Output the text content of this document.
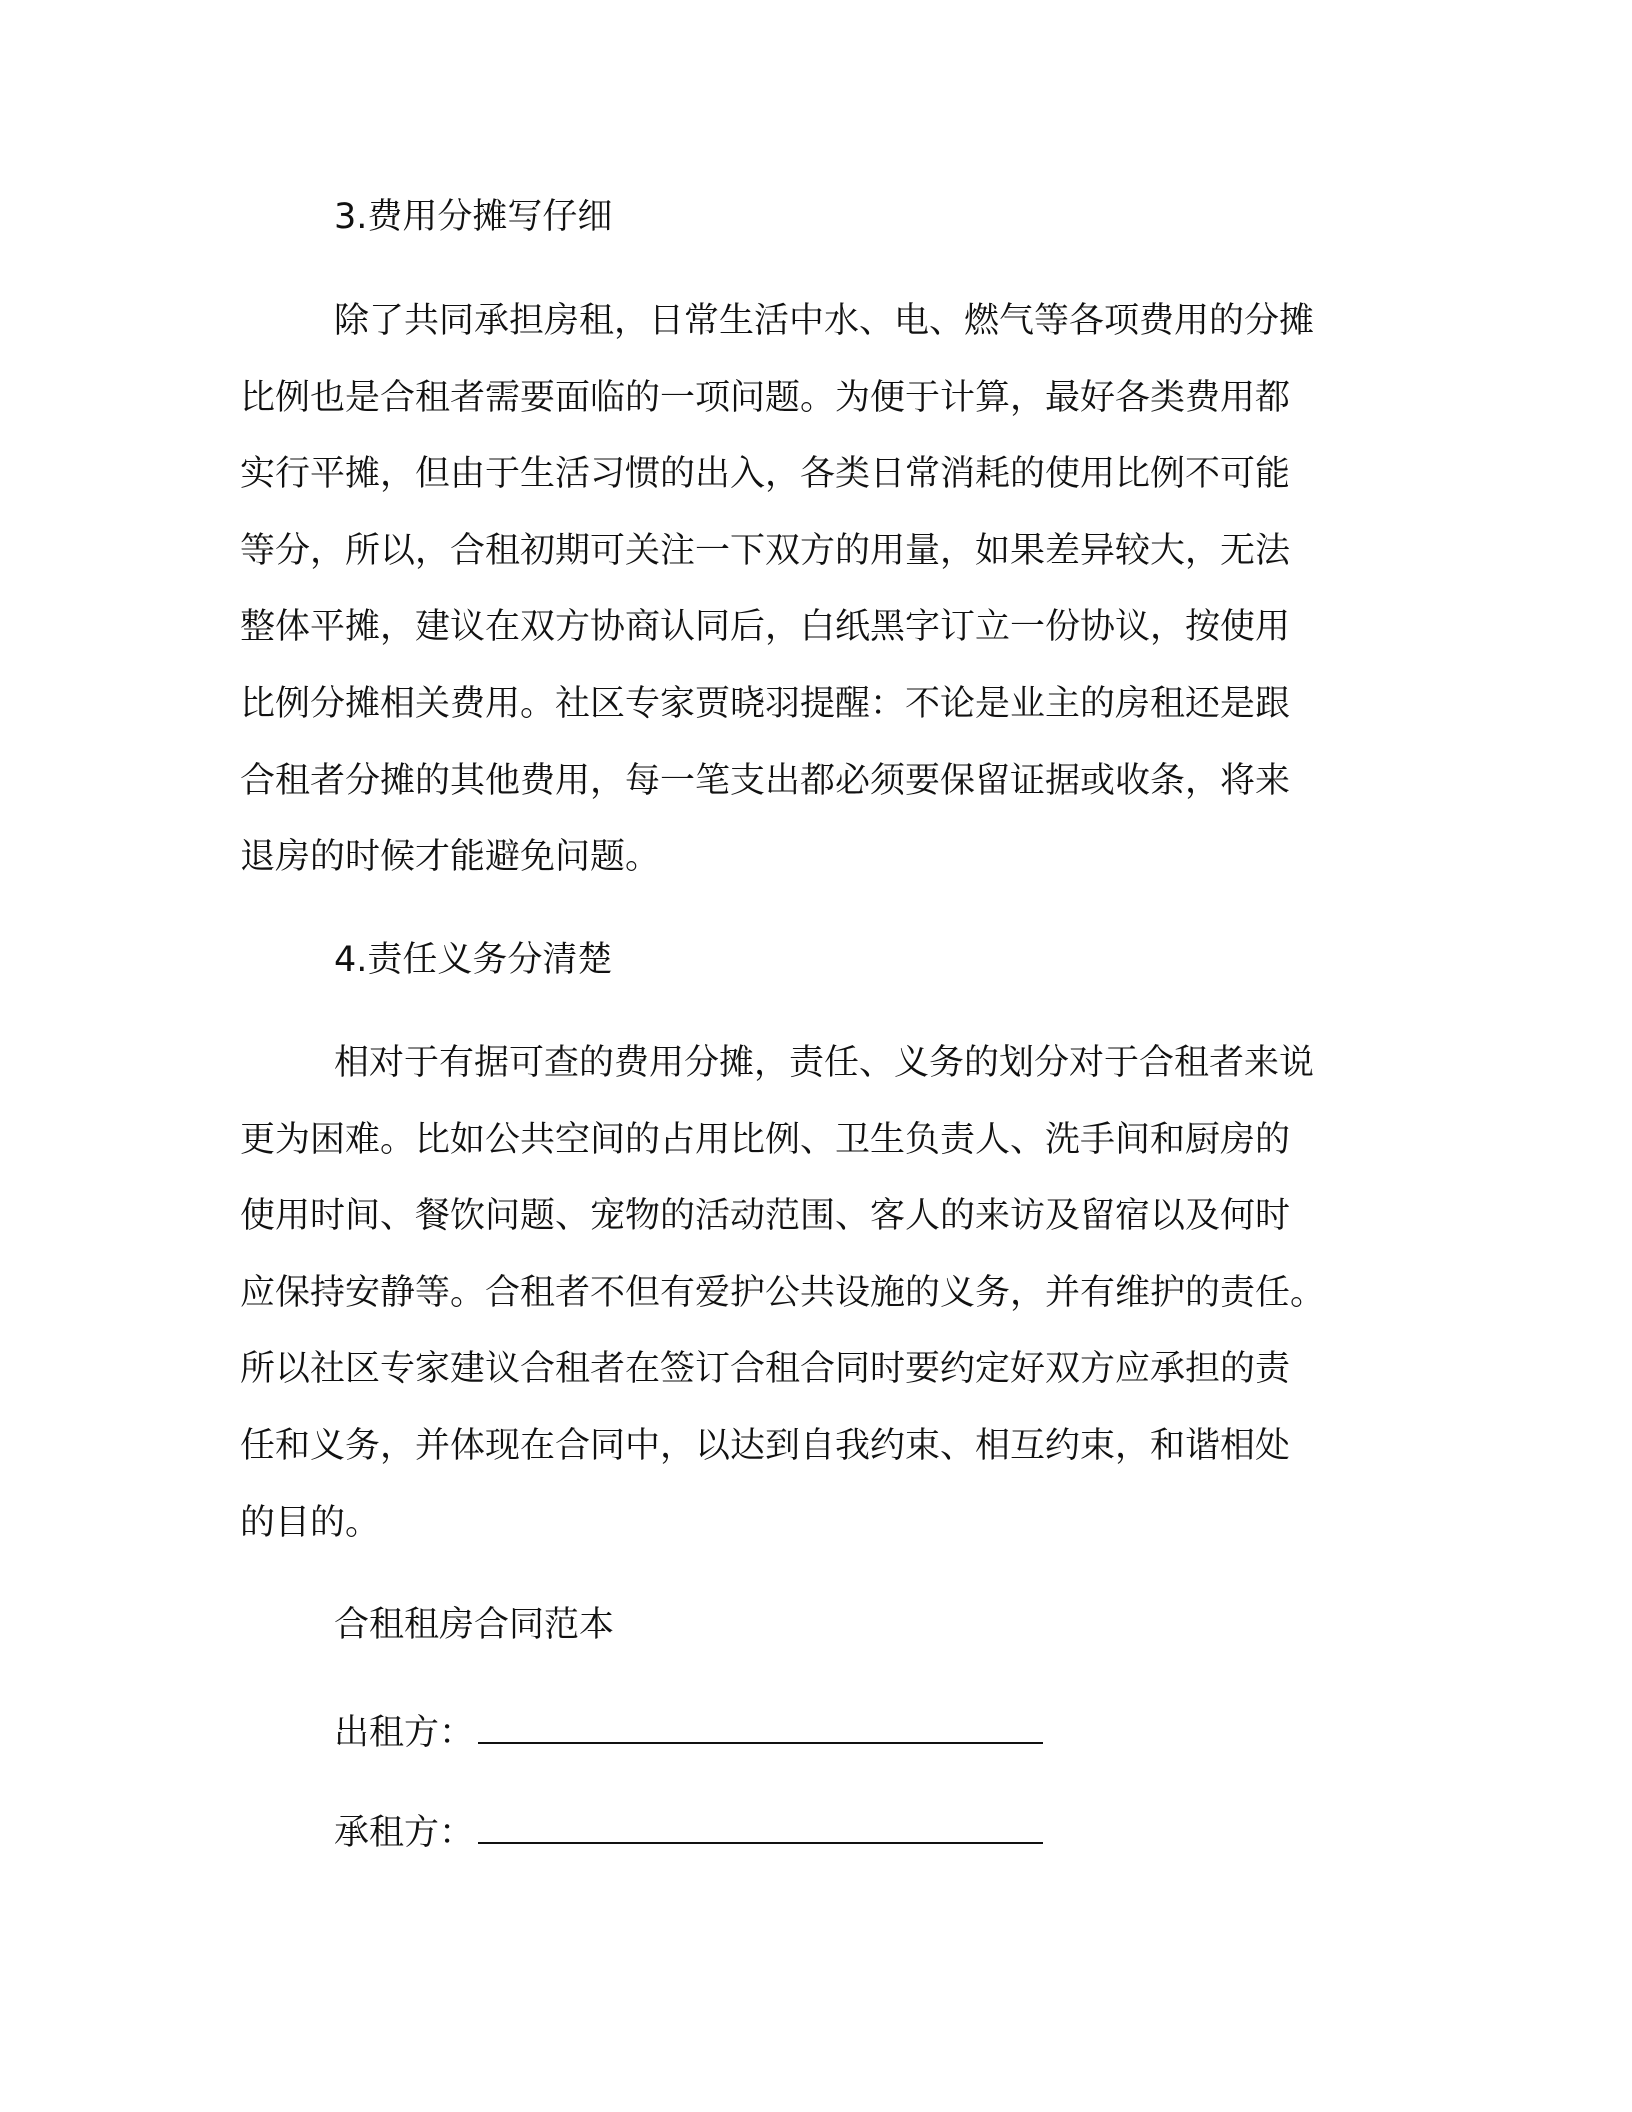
3.费用分摊写仔细
除了共同承担房租，日常生活中水、电、燃气等各项费用的分摊
比例也是合租者需要面临的一项问题。为便于计算，最好各类费用都
实行平摊，但由于生活习惯的出入，各类日常消耗的使用比例不可能
等分，所以，合租初期可关注一下双方的用量，如果差异较大，无法
整体平摊，建议在双方协商认同后，白纸黑字订立一份协议，按使用
比例分摊相关费用。社区专家贾晓羽提醒：不论是业主的房租还是跟
合租者分摊的其他费用，每一笔支出都必须要保留证据或收条，将来
退房的时候才能避免问题。
4.责任义务分清楚
相对于有据可查的费用分摊，责任、义务的划分对于合租者来说
更为困难。比如公共空间的占用比例、卫生负责人、洗手间和厨房的
使用时间、餐饮问题、宠物的活动范围、客人的来访及留宿以及何时
应保持安静等。合租者不但有爱护公共设施的义务，并有维护的责任。
所以社区专家建议合租者在签订合租合同时要约定好双方应承担的责
任和义务，并体现在合同中，以达到自我约束、相互约束，和谐相处
的目的。
合租租房合同范本
出租方：
承租方：
